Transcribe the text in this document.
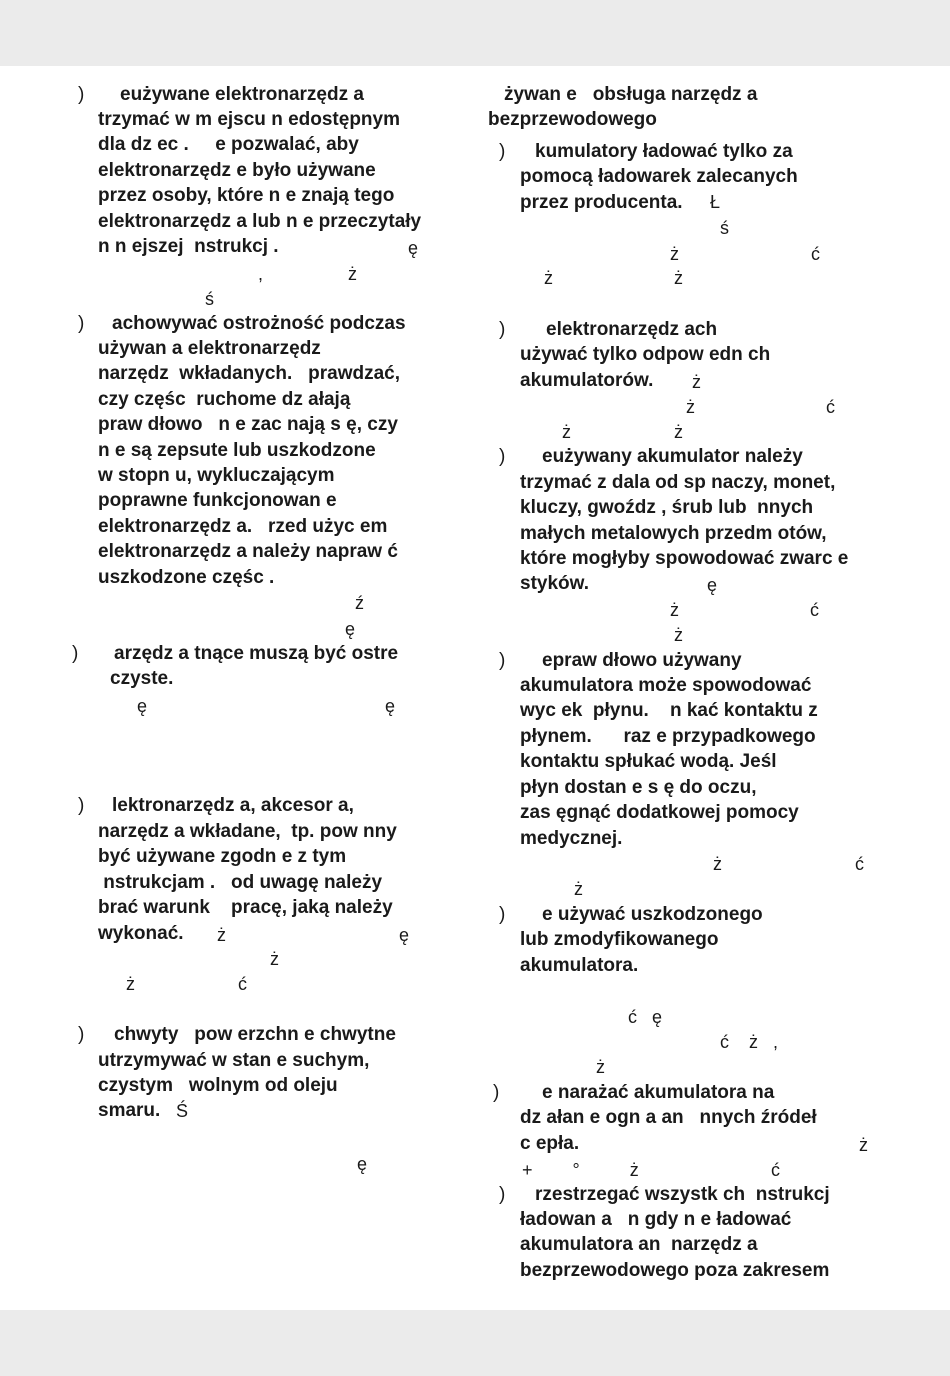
) eużywane elektronarzędz a
trzymać w m ejscu n edostępnym
dla dz ec .     e pozwalać, aby
elektronarzędz e było używane
przez osoby, które n e znają tego
elektronarzędz a lub n e przeczytały
n n ejszej  nstrukcj .	ę
,	ż
ś
) achowywać ostrożność podczas
używan a elektronarzędz
narzędz  wkładanych.   prawdzać,
czy częśc  ruchome dz ałają
praw dłowo   n e zac nają s ę, czy
n e są zepsute lub uszkodzone
w stopn u, wykluczającym
poprawne funkcjonowan e
elektronarzędz a.   rzed użyc em
elektronarzędz a należy napraw ć
uszkodzone częśc .
ź
ę
) arzędz a tnące muszą być ostre
czyste.
ę	ę
) lektronarzędz a, akcesor a,
narzędz a wkładane,  tp. pow nny
być używane zgodn e z tym
nstrukcjam .   od uwagę należy
brać warunk    pracę, jaką należy
wykonać. ż	ę
ż
ż	ć
) chwyty   pow erzchn e chwytne
utrzymywać w stan e suchym,
czystym   wolnym od oleju
smaru. Ś
ę
żywan e   obsługa narzędz a
bezprzewodowego
) kumulatory ładować tylko za
pomocą ładowarek zalecanych
przez producenta. Ł
ś
ż	ć
ż	ż
) elektronarzędz ach
używać tylko odpow edn ch
akumulatorów. ż
ż	ć
ż	ż
) eużywany akumulator należy
trzymać z dala od sp naczy, monet,
kluczy, gwoźdz , śrub lub  nnych
małych metalowych przedm otów,
które mogłyby spowodować zwarc e
styków.	ę
ż	ć
ż
) epraw dłowo używany
akumulatora może spowodować
wyc ek  płynu.    n kać kontaktu z
płynem.      raz e przypadkowego
kontaktu spłukać wodą. Jeśl
płyn dostan e s ę do oczu,
zas ęgnąć dodatkowej pomocy
medycznej.
ż	ć
ż
) e używać uszkodzonego
lub zmodyfikowanego
akumulatora.
ć   ę
ć    ż   ,
ż
) e narażać akumulatora na
dz ałan e ogn a an   nnych źródeł
c epła.	ż
+        °          ż	ć
) rzestrzegać wszystk ch  nstrukcj
ładowan a   n gdy n e ładować
akumulatora an  narzędz a
bezprzewodowego poza zakresem
